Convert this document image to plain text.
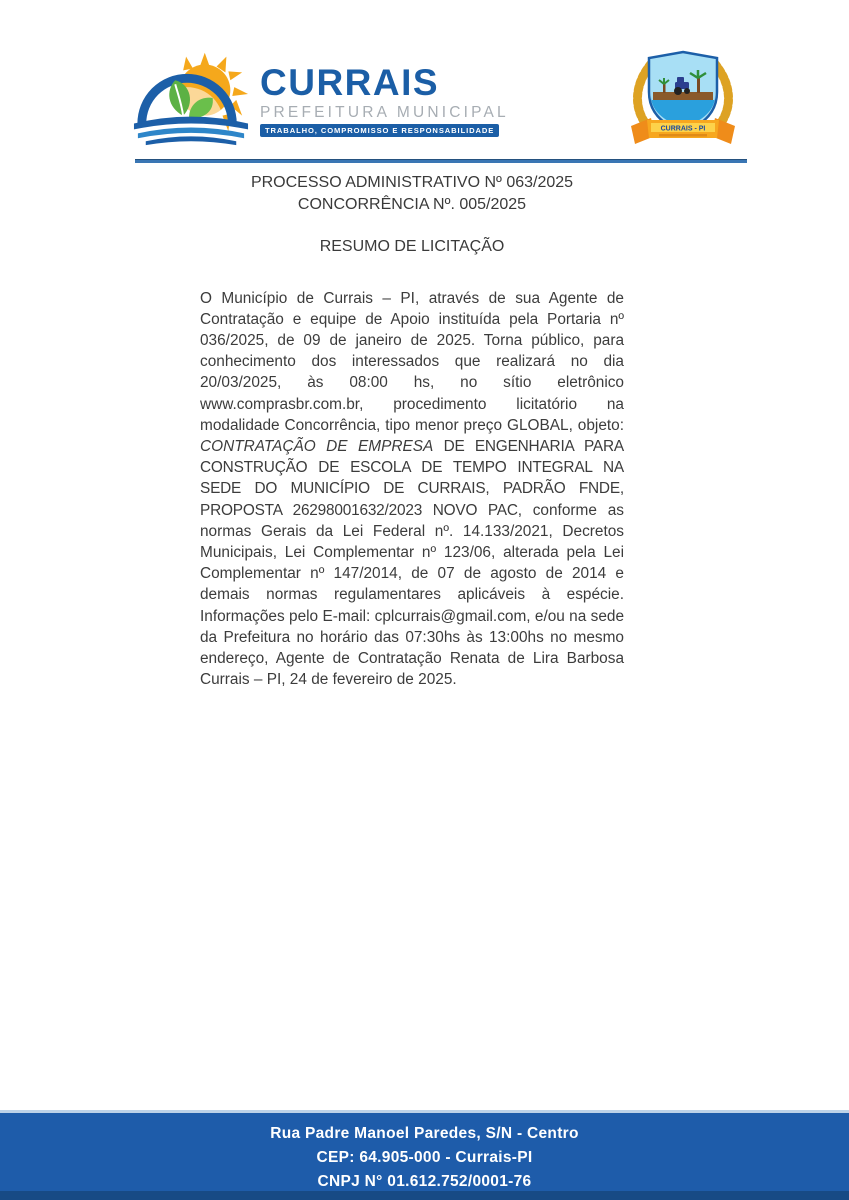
CURRAIS
PREFEITURA MUNICIPAL
TRABALHO, COMPROMISSO E RESPONSABILIDADE	CURRAIS - PI
PROCESSO ADMINISTRATIVO Nº 063/2025
CONCORRÊNCIA Nº. 005/2025
RESUMO DE LICITAÇÃO

O Município de Currais – PI, através de sua Agente de Contratação e equipe de Apoio instituída pela Portaria nº 036/2025, de 09 de janeiro de 2025. Torna público, para conhecimento dos interessados que realizará no dia 20/03/2025, às 08:00 hs, no sítio eletrônico www.comprasbr.com.br, procedimento licitatório na modalidade Concorrência, tipo menor preço GLOBAL, objeto: CONTRATAÇÃO DE EMPRESA DE ENGENHARIA PARA CONSTRUÇÃO DE ESCOLA DE TEMPO INTEGRAL NA SEDE DO MUNICÍPIO DE CURRAIS, PADRÃO FNDE, PROPOSTA 26298001632/2023 NOVO PAC, conforme as normas Gerais da Lei Federal nº. 14.133/2021, Decretos Municipais, Lei Complementar nº 123/06, alterada pela Lei Complementar nº 147/2014, de 07 de agosto de 2014 e demais normas regulamentares aplicáveis à espécie. Informações pelo E-mail: cplcurrais@gmail.com, e/ou na sede da Prefeitura no horário das 07:30hs às 13:00hs no mesmo endereço, Agente de Contratação Renata de Lira Barbosa Currais – PI, 24 de fevereiro de 2025.

Rua Padre Manoel Paredes, S/N - Centro
CEP: 64.905-000 - Currais-PI
CNPJ N° 01.612.752/0001-76
